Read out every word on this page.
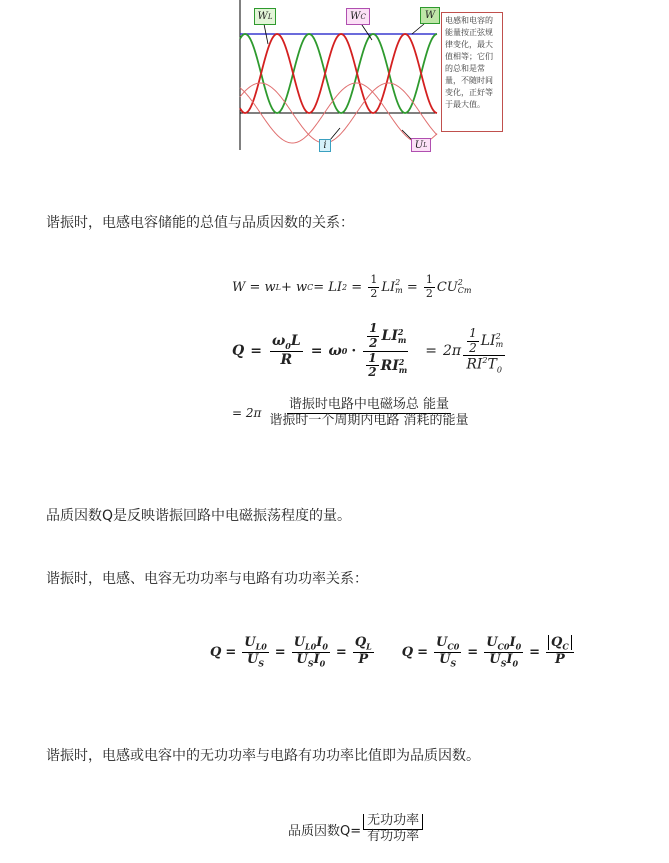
W L	W C	W
i	U L
电感和电容的
能量按正弦规
律变化，最大
值相等；它们
的总和是常
量，不随时间
变化，正好等
于最大值。
谐振时，电感电容储能的总值与品质因数的关系：
W = w L + w C = LI $2 = \frac{1}{2}$ LI 2
$m = \frac{1}{2}$ CU 2
Cm
$Q = \frac{\omega_0L}{R} = \omega$ $0 \cdot \frac{1}{2}$ LI 2
m
$\frac{1}{2}$ RI 2
$m = 2\pi \frac{1}{2}$ LI 2
m
$RI^2T_0$
= $2\pi \frac{\text{谐振时电路中电磁场总 能量}}{\text{谐振时一个周期内电路 消耗的能量}}$
品质因数Q是反映谐振回路中电磁振荡程度的量。
谐振时，电感、电容无功功率与电路有功功率关系：
$Q = \frac{U_{L0}}{U_S} = \frac{U_{L0}I_0}{U_SI_0} = \frac{Q_L}{P}$ $Q = \frac{U_{C0}}{U_S} = \frac{U_{C0}I_0}{U_SI_0} = \frac{Q_C}{P}$
谐振时，电感或电容中的无功功率与电路有功功率比值即为品质因数。
品质因数$Q= \frac{\text{无功功率}}{\text{有功功率}}$
